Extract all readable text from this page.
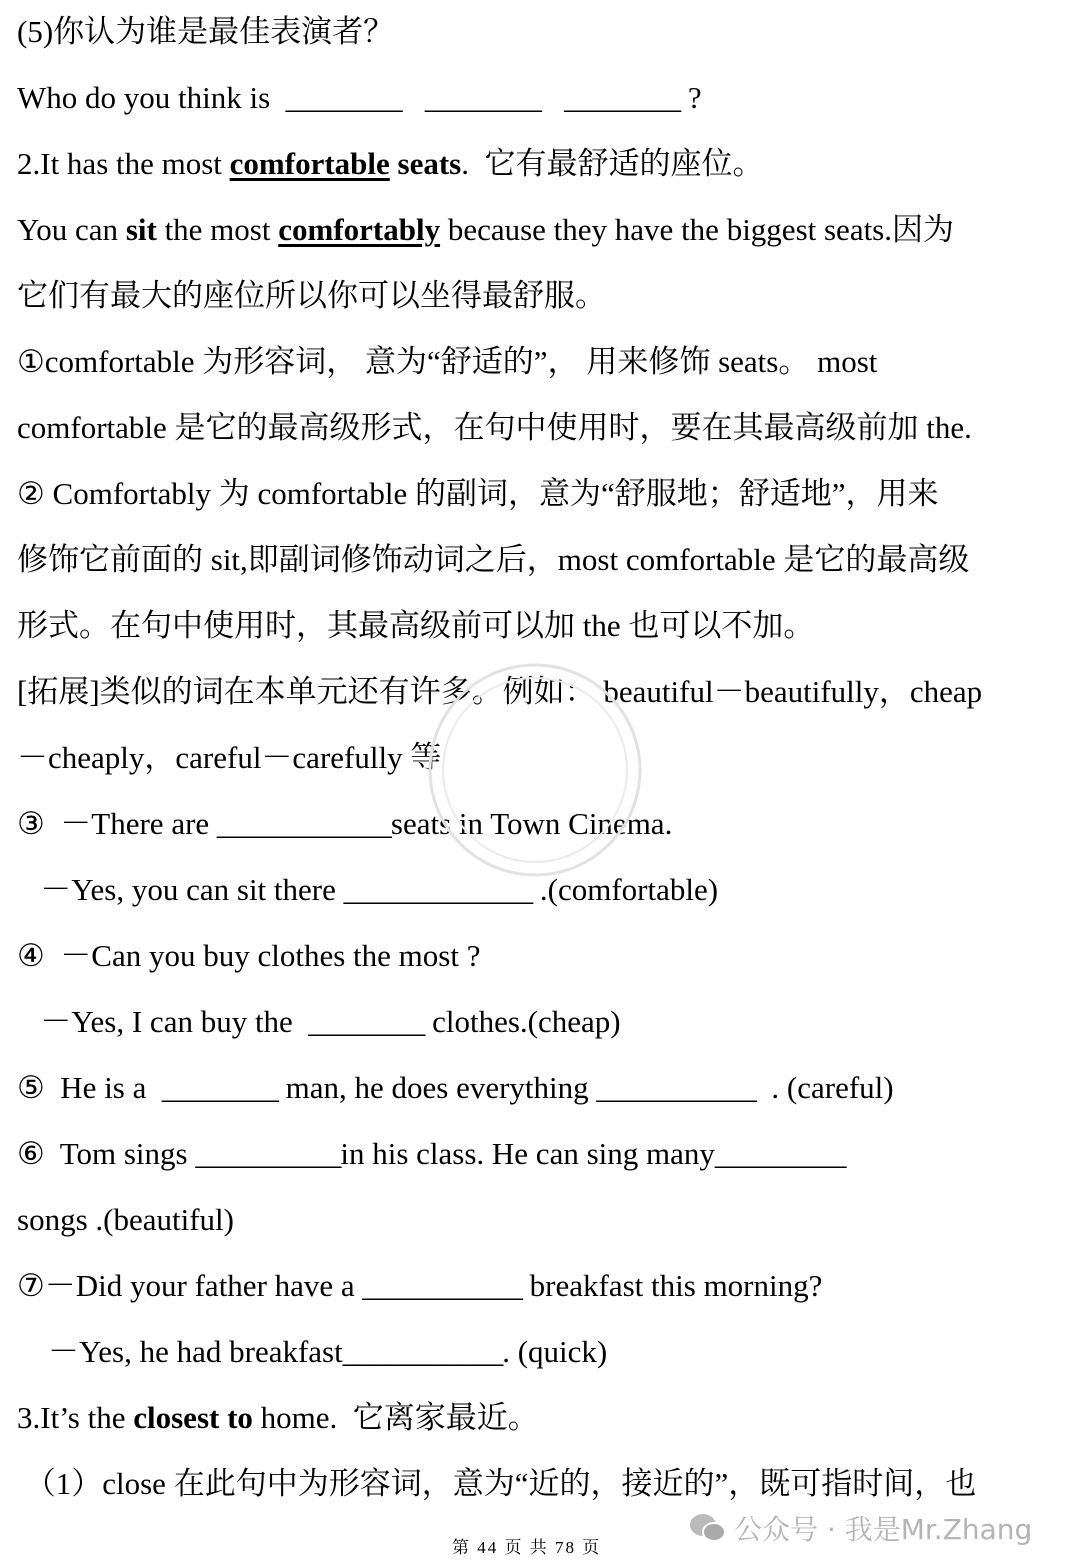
(5)你认为谁是最佳表演者？
Who do you think is  ________ ________ ________ ?
2.It has the most comfortable seats.  它有最舒适的座位。
You can sit the most comfortably because they have the biggest seats.因为
它们有最大的座位所以你可以坐得最舒服。
①comfortable 为形容词， 意为“舒适的”， 用来修饰 seats。 most
comfortable 是它的最高级形式，在句中使用时，要在其最高级前加 the.
② Comfortably 为 comfortable 的副词，意为“舒服地；舒适地”，用来
修饰它前面的 sit,即副词修饰动词之后，most comfortable 是它的最高级
形式。在句中使用时，其最高级前可以加 the 也可以不加。
[拓展]类似的词在本单元还有许多。例如： beautiful－beautifully，cheap
－cheaply，careful－carefully 等
③  －There are ____________seats in Town Cinema.
－Yes, you can sit there _____________ .(comfortable)
④  －Can you buy clothes the most ?
－Yes, I can buy the  ________ clothes.(cheap)
⑤  He is a  ________ man, he does everything ___________  . (careful)
⑥  Tom sings __________in his class. He can sing many_________
songs .(beautiful)
⑦－Did your father have a ___________ breakfast this morning?
－Yes, he had breakfast___________. (quick)
3.It’s the closest to home.  它离家最近。
（1）close 在此句中为形容词，意为“近的，接近的”，既可指时间，也
第 44 页 共 78 页
公众号 · 我是Mr.Zhang
